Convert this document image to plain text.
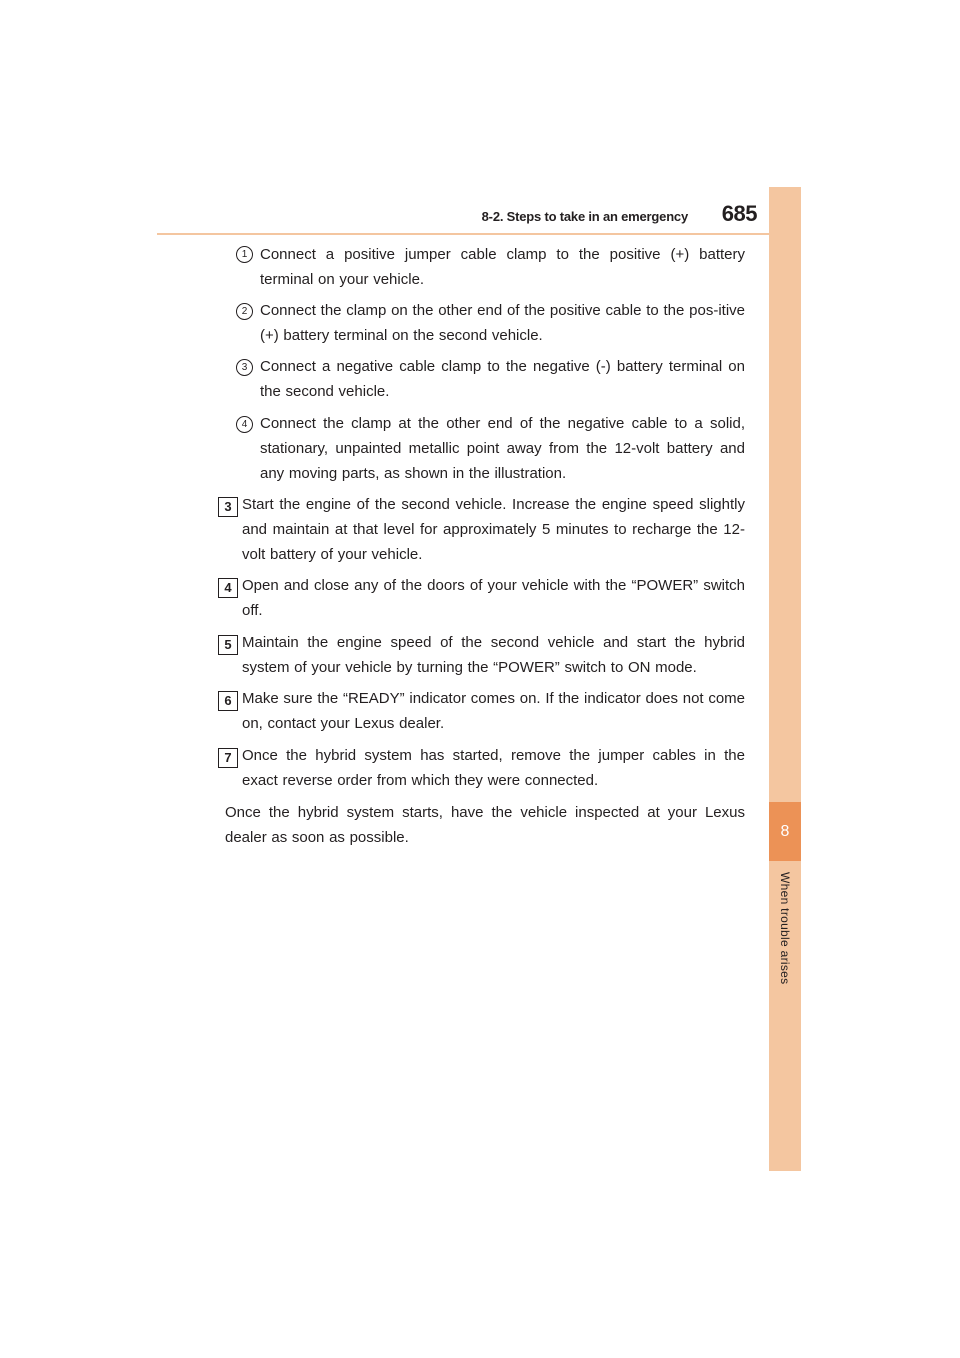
8-2. Steps to take in an emergency	685
8
When trouble arises
1 Connect a positive jumper cable clamp to the positive (+) battery terminal on your vehicle.
2 Connect the clamp on the other end of the positive cable to the pos-itive (+) battery terminal on the second vehicle.
3 Connect a negative cable clamp to the negative (-) battery terminal on the second vehicle.
4 Connect the clamp at the other end of the negative cable to a solid, stationary, unpainted metallic point away from the 12-volt battery and any moving parts, as shown in the illustration.
3 Start the engine of the second vehicle. Increase the engine speed slightly and maintain at that level for approximately 5 minutes to recharge the 12-volt battery of your vehicle.
4 Open and close any of the doors of your vehicle with the “POWER” switch off.
5 Maintain the engine speed of the second vehicle and start the hybrid system of your vehicle by turning the “POWER” switch to ON mode.
6 Make sure the “READY” indicator comes on. If the indicator does not come on, contact your Lexus dealer.
7 Once the hybrid system has started, remove the jumper cables in the exact reverse order from which they were connected.
Once the hybrid system starts, have the vehicle inspected at your Lexus dealer as soon as possible.
